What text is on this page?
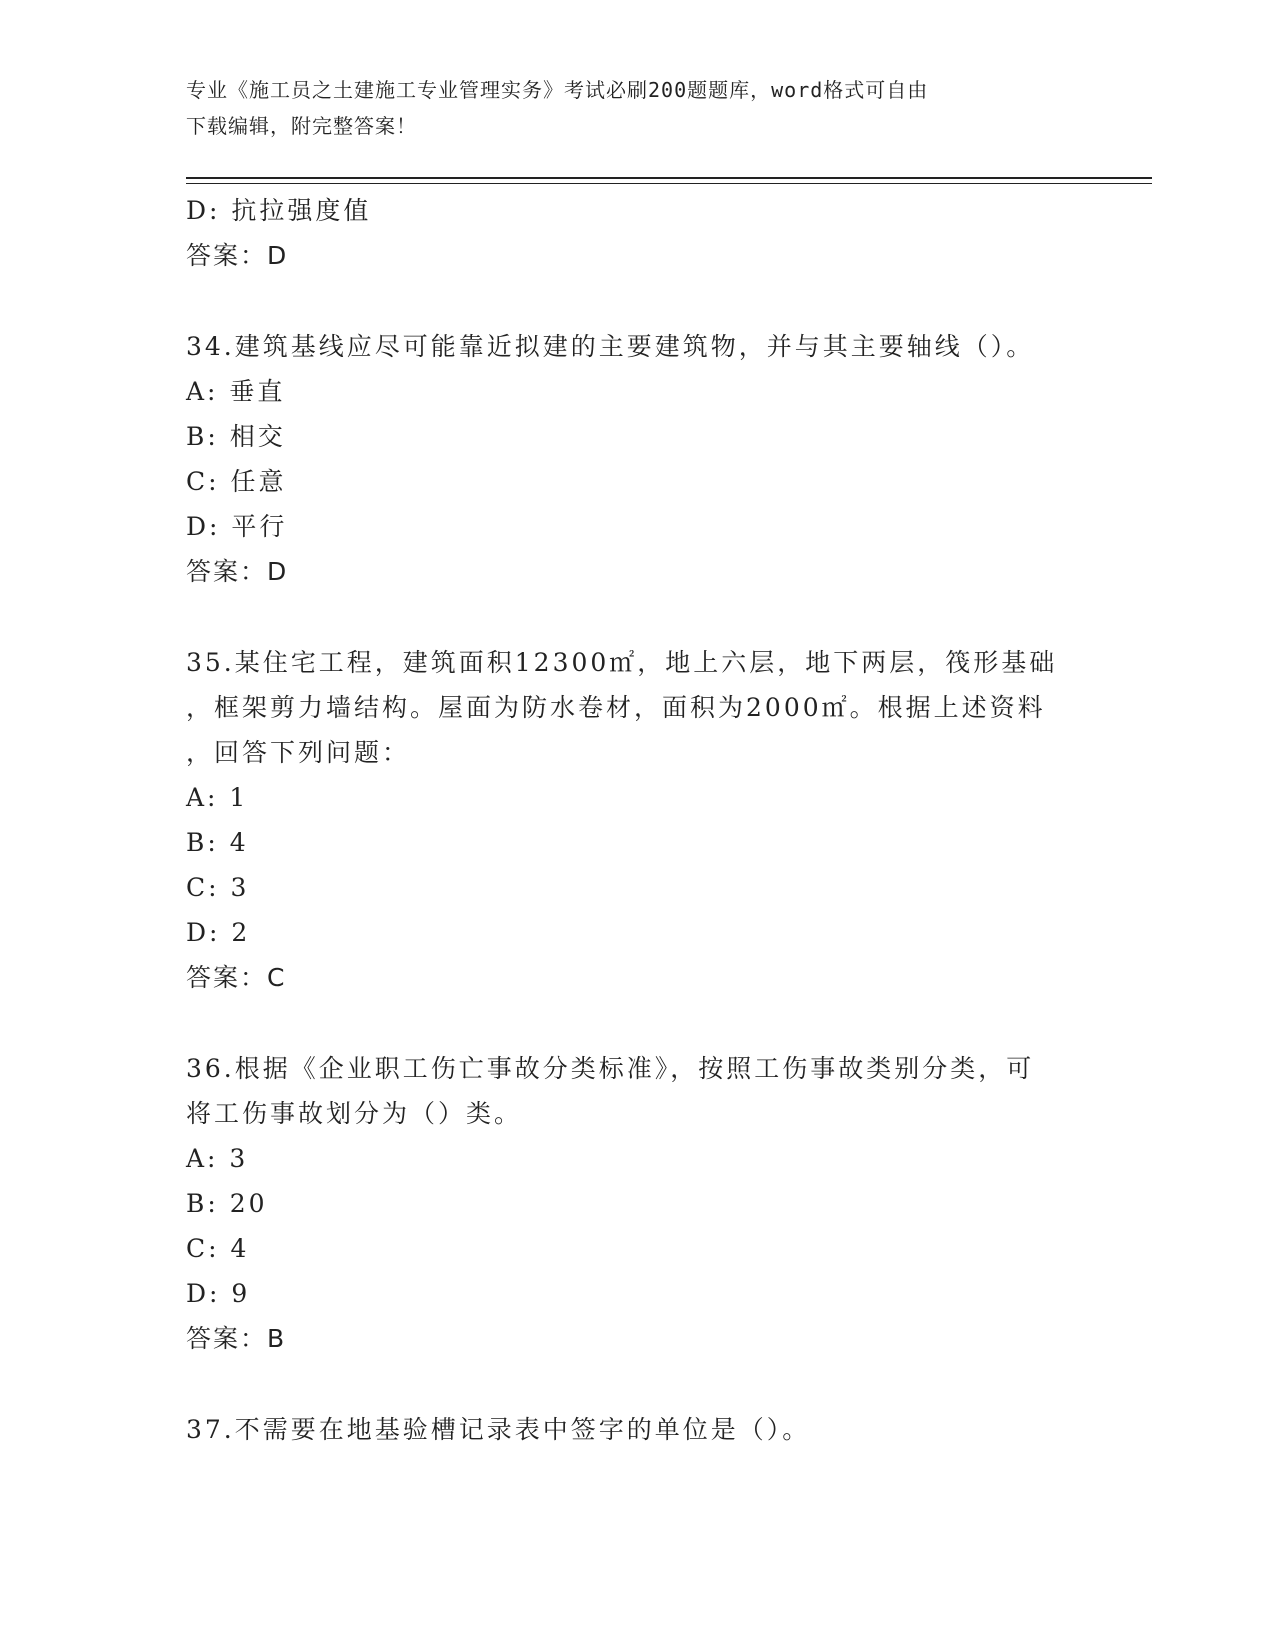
专业《施工员之土建施工专业管理实务》考试必刷200题题库，word格式可自由
下载编辑，附完整答案！
D: 抗拉强度值
答案：D
34.建筑基线应尽可能靠近拟建的主要建筑物，并与其主要轴线（）。
A: 垂直
B: 相交
C: 任意
D: 平行
答案：D
35.某住宅工程，建筑面积12300㎡，地上六层，地下两层，筏形基础
，框架剪力墙结构。屋面为防水卷材，面积为2000㎡。根据上述资料
，回答下列问题：
A: 1
B: 4
C: 3
D: 2
答案：C
36.根据《企业职工伤亡事故分类标准》，按照工伤事故类别分类，可
将工伤事故划分为（）类。
A: 3
B: 20
C: 4
D: 9
答案：B
37.不需要在地基验槽记录表中签字的单位是（）。
